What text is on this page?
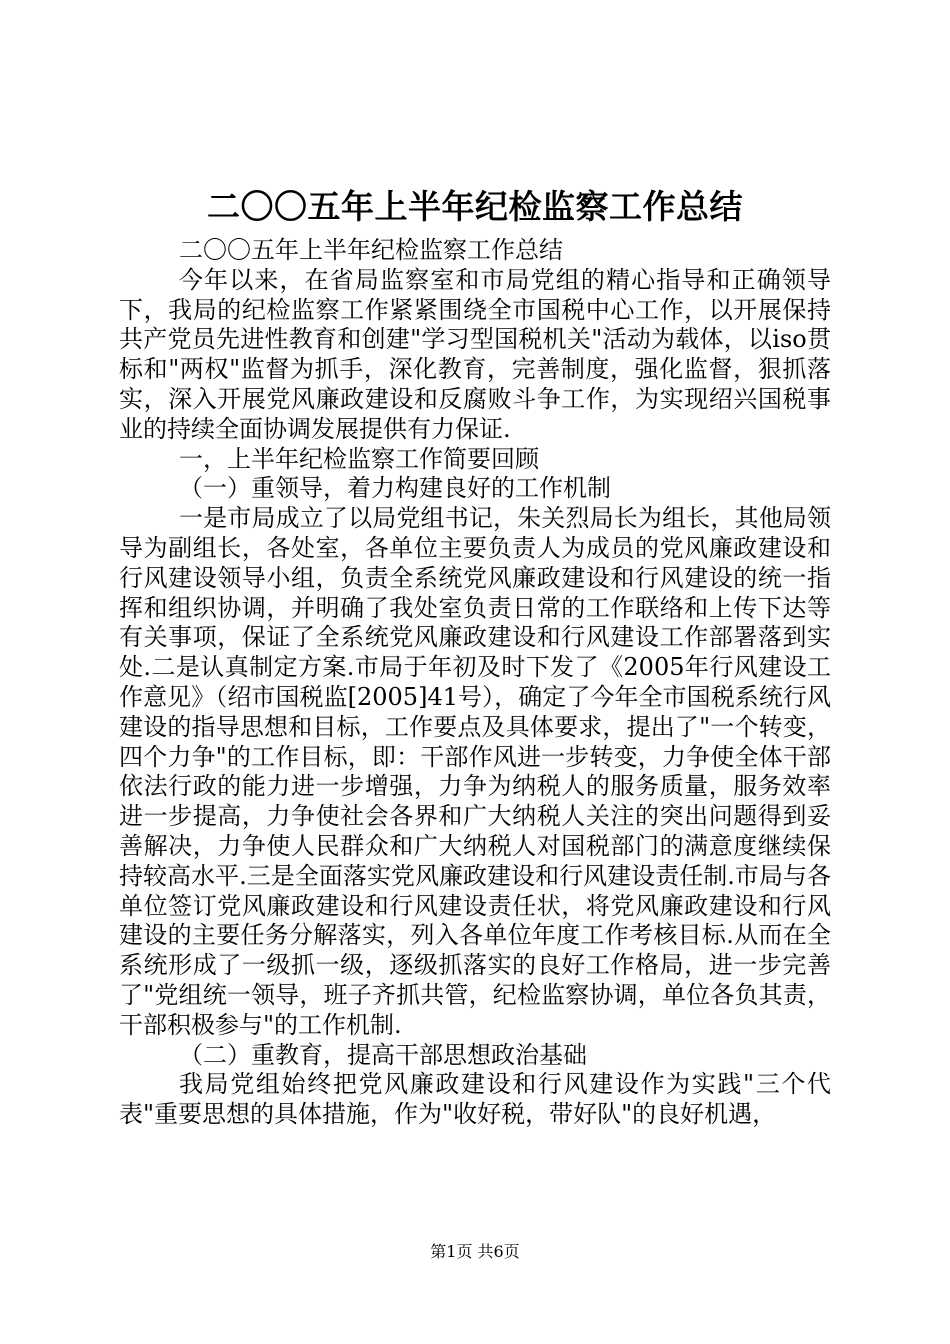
二〇〇五年上半年纪检监察工作总结

二〇〇五年上半年纪检监察工作总结

今年以来，在省局监察室和市局党组的精心指导和正确领导下，我局的纪检监察工作紧紧围绕全市国税中心工作，以开展保持共产党员先进性教育和创建"学习型国税机关"活动为载体，以iso贯标和"两权"监督为抓手，深化教育，完善制度，强化监督，狠抓落实，深入开展党风廉政建设和反腐败斗争工作，为实现绍兴国税事业的持续全面协调发展提供有力保证.

一，上半年纪检监察工作简要回顾

（一）重领导，着力构建良好的工作机制

一是市局成立了以局党组书记，朱关烈局长为组长，其他局领导为副组长，各处室，各单位主要负责人为成员的党风廉政建设和行风建设领导小组，负责全系统党风廉政建设和行风建设的统一指挥和组织协调，并明确了我处室负责日常的工作联络和上传下达等有关事项，保证了全系统党风廉政建设和行风建设工作部署落到实处.二是认真制定方案.市局于年初及时下发了《2005年行风建设工作意见》（绍市国税监[2005]41号），确定了今年全市国税系统行风建设的指导思想和目标，工作要点及具体要求，提出了"一个转变，四个力争"的工作目标，即：干部作风进一步转变，力争使全体干部依法行政的能力进一步增强，力争为纳税人的服务质量，服务效率进一步提高，力争使社会各界和广大纳税人关注的突出问题得到妥善解决，力争使人民群众和广大纳税人对国税部门的满意度继续保持较高水平.三是全面落实党风廉政建设和行风建设责任制.市局与各单位签订党风廉政建设和行风建设责任状，将党风廉政建设和行风建设的主要任务分解落实，列入各单位年度工作考核目标.从而在全系统形成了一级抓一级，逐级抓落实的良好工作格局，进一步完善了"党组统一领导，班子齐抓共管，纪检监察协调，单位各负其责，干部积极参与"的工作机制.

（二）重教育，提高干部思想政治基础

我局党组始终把党风廉政建设和行风建设作为实践"三个代表"重要思想的具体措施，作为"收好税，带好队"的良好机遇，

第1页 共6页
